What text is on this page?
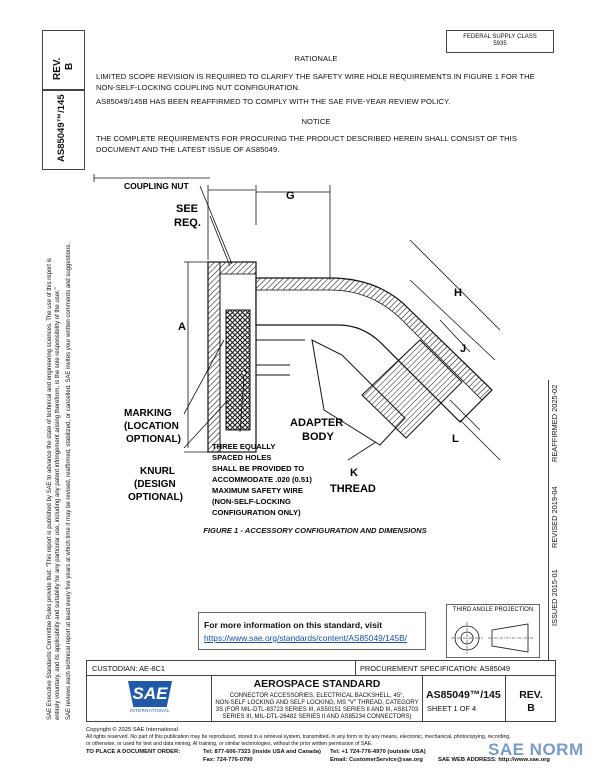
SAE Executive Standards Committee Rules provide that: "This report is published by SAE to advance the state of technical and engineering sciences. The use of this report is entirely voluntary, and its applicability and suitability for any particular use, including any patent infringement arising therefrom, is the sole responsibility of the user." SAE reviews each technical report at least every five years at which time it may be revised, reaffirmed, stabilized, or cancelled. SAE invites your written comments and suggestions.
REV. B
AS85049™/145
FEDERAL SUPPLY CLASS
5935
ISSUED 2015-01
REVISED 2019-04
REAFFIRMED 2025-02
RATIONALE
LIMITED SCOPE REVISION IS REQUIRED TO CLARIFY THE SAFETY WIRE HOLE REQUIREMENTS IN FIGURE 1 FOR THE NON-SELF-LOCKING COUPLING NUT CONFIGURATION.
AS85049/145B HAS BEEN REAFFIRMED TO COMPLY WITH THE SAE FIVE-YEAR REVIEW POLICY.
NOTICE
THE COMPLETE REQUIREMENTS FOR PROCURING THE PRODUCT DESCRIBED HEREIN SHALL CONSIST OF THIS DOCUMENT AND THE LATEST ISSUE OF AS85049.
COUPLING NUT
SEE
REQ.
G
A
H
J
L
K
THREAD
ADAPTER
BODY
MARKING
(LOCATION
OPTIONAL)
KNURL
(DESIGN
OPTIONAL)
THREE EQUALLY
SPACED HOLES
SHALL BE PROVIDED TO
ACCOMMODATE .020 (0.51)
MAXIMUM SAFETY WIRE
(NON-SELF-LOCKING
CONFIGURATION ONLY)
FIGURE 1 - ACCESSORY CONFIGURATION AND DIMENSIONS
For more information on this standard, visit
https://www.sae.org/standards/content/AS85049/145B/
THIRD ANGLE PROJECTION
CUSTODIAN: AE-8C1	PROCUREMENT SPECIFICATION: AS85049
SAE
INTERNATIONAL
AEROSPACE STANDARD
CONNECTOR ACCESSORIES, ELECTRICAL BACKSHELL, 45°,
NON-SELF LOCKING AND SELF LOCKING, MS "V" THREAD, CATEGORY
3S (FOR MIL-DTL-83723 SERIES III, AS50151 SERIES II AND III, AS81703
SERIES III, MIL-DTL-26482 SERIES II AND AS85234 CONNECTORS)
AS85049™/145
SHEET 1 OF 4
REV.
B
Copyright © 2025 SAE International
All rights reserved. No part of this publication may be reproduced, stored in a retrieval system, transmitted, in any form or by any means, electronic, mechanical, photocopying, recording,
or otherwise, or used for text and data mining, AI training, or similar technologies, without the prior written permission of SAE.
TO PLACE A DOCUMENT ORDER:	Tel: 877-606-7323 (inside USA and Canada) Tel: +1 724-776-4970 (outside USA)
Fax: 724-776-0790	Email: CustomerService@sae.org	SAE WEB ADDRESS: http://www.sae.org
SAE NORM
